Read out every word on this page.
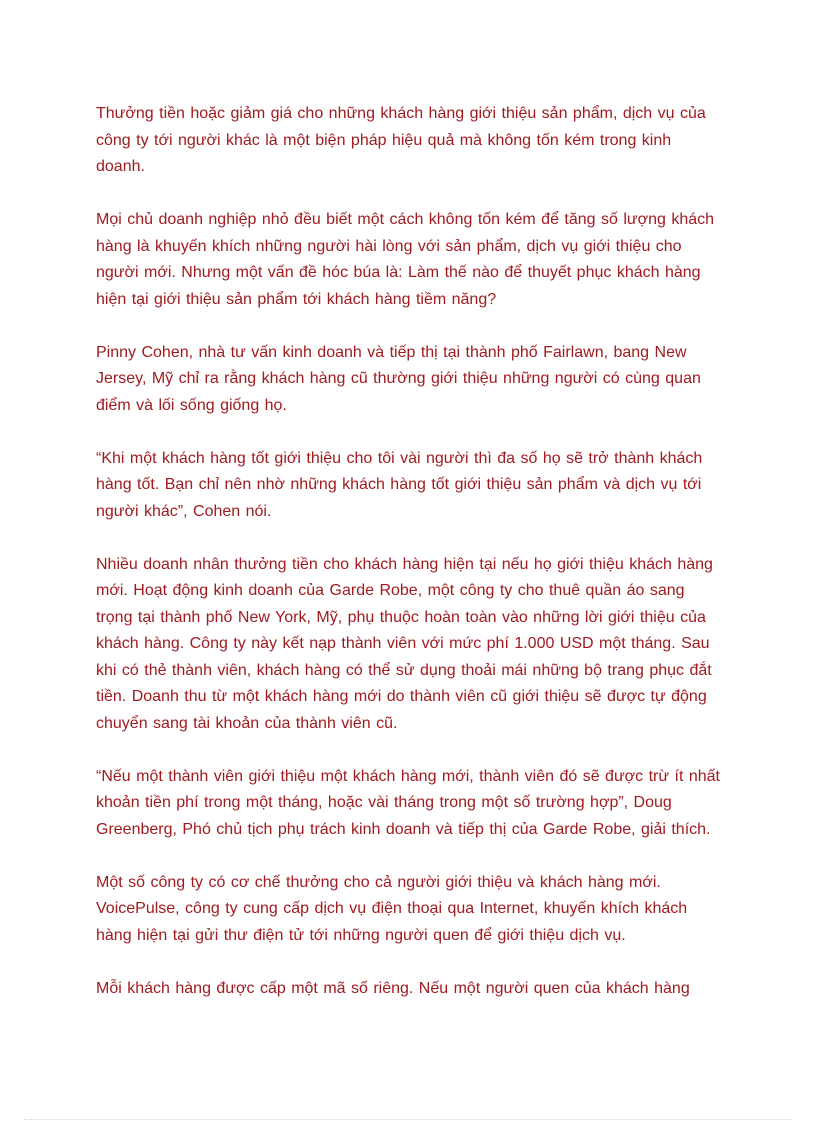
Thưởng tiền hoặc giảm giá cho những khách hàng giới thiệu sản phẩm, dịch vụ của công ty tới người khác là một biện pháp hiệu quả mà không tốn kém trong kinh doanh.

Mọi chủ doanh nghiệp nhỏ đều biết một cách không tốn kém để tăng số lượng khách hàng là khuyến khích những người hài lòng với sản phẩm, dịch vụ giới thiệu cho người mới. Nhưng một vấn đề hóc búa là: Làm thế nào để thuyết phục khách hàng hiện tại giới thiệu sản phẩm tới khách hàng tiềm năng?

Pinny Cohen, nhà tư vấn kinh doanh và tiếp thị tại thành phố Fairlawn, bang New Jersey, Mỹ chỉ ra rằng khách hàng cũ thường giới thiệu những người có cùng quan điểm và lối sống giống họ.

“Khi một khách hàng tốt giới thiệu cho tôi vài người thì đa số họ sẽ trở thành khách hàng tốt. Bạn chỉ nên nhờ những khách hàng tốt giới thiệu sản phẩm và dịch vụ tới người khác”, Cohen nói.

Nhiều doanh nhân thưởng tiền cho khách hàng hiện tại nếu họ giới thiệu khách hàng mới. Hoạt động kinh doanh của Garde Robe, một công ty cho thuê quần áo sang trọng tại thành phố New York, Mỹ, phụ thuộc hoàn toàn vào những lời giới thiệu của khách hàng. Công ty này kết nạp thành viên với mức phí 1.000 USD một tháng. Sau khi có thẻ thành viên, khách hàng có thể sử dụng thoải mái những bộ trang phục đắt tiền. Doanh thu từ một khách hàng mới do thành viên cũ giới thiệu sẽ được tự động chuyển sang tài khoản của thành viên cũ.

“Nếu một thành viên giới thiệu một khách hàng mới, thành viên đó sẽ được trừ ít nhất khoản tiền phí trong một tháng, hoặc vài tháng trong một số trường hợp”, Doug Greenberg, Phó chủ tịch phụ trách kinh doanh và tiếp thị của Garde Robe, giải thích.

Một số công ty có cơ chế thưởng cho cả người giới thiệu và khách hàng mới. VoicePulse, công ty cung cấp dịch vụ điện thoại qua Internet, khuyến khích khách hàng hiện tại gửi thư điện tử tới những người quen để giới thiệu dịch vụ.

Mỗi khách hàng được cấp một mã số riêng. Nếu một người quen của khách hàng
